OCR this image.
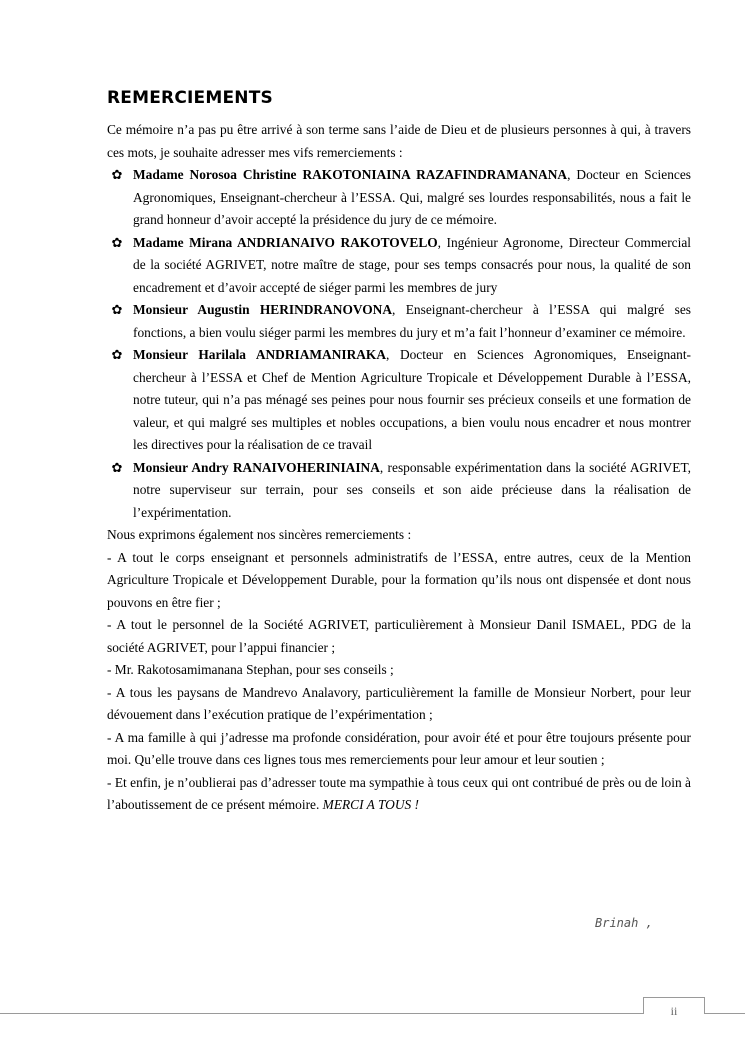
REMERCIEMENTS

Ce mémoire n’a pas pu être arrivé à son terme sans l’aide de Dieu et de plusieurs personnes à qui, à travers ces mots, je souhaite adresser mes vifs remerciements :

✿ Madame Norosoa Christine RAKOTONIAINA RAZAFINDRAMANANA, Docteur en Sciences Agronomiques, Enseignant-chercheur à l’ESSA. Qui, malgré ses lourdes responsabilités, nous a fait le grand honneur d’avoir accepté la présidence du jury de ce mémoire.

✿ Madame Mirana ANDRIANAIVO RAKOTOVELO, Ingénieur Agronome, Directeur Commercial de la société AGRIVET, notre maître de stage, pour ses temps consacrés pour nous, la qualité de son encadrement et d’avoir accepté de siéger parmi les membres de jury

✿ Monsieur Augustin HERINDRANOVONA, Enseignant-chercheur à l’ESSA qui malgré ses fonctions, a bien voulu siéger parmi les membres du jury et m’a fait l’honneur d’examiner ce mémoire.

✿ Monsieur Harilala ANDRIAMANIRAKA, Docteur en Sciences Agronomiques, Enseignant-chercheur à l’ESSA et Chef de Mention Agriculture Tropicale et Développement Durable à l’ESSA, notre tuteur, qui n’a pas ménagé ses peines pour nous fournir ses précieux conseils et une formation de valeur, et qui malgré ses multiples et nobles occupations, a bien voulu nous encadrer et nous montrer les directives pour la réalisation de ce travail

✿ Monsieur Andry RANAIVOHERINIAINA, responsable expérimentation dans la société AGRIVET, notre superviseur sur terrain, pour ses conseils et son aide précieuse dans la réalisation de l’expérimentation.

Nous exprimons également nos sincères remerciements :

- A tout le corps enseignant et personnels administratifs de l’ESSA, entre autres, ceux de la Mention Agriculture Tropicale et Développement Durable, pour la formation qu’ils nous ont dispensée et dont nous pouvons en être fier ;

- A tout le personnel de la Société AGRIVET, particulièrement à Monsieur Danil ISMAEL, PDG de la société AGRIVET, pour l’appui financier ;

- Mr. Rakotosamimanana Stephan, pour ses conseils ;

- A tous les paysans de Mandrevo Analavory, particulièrement la famille de Monsieur Norbert, pour leur dévouement dans l’exécution pratique de l’expérimentation ;

- A ma famille à qui j’adresse ma profonde considération, pour avoir été et pour être toujours présente pour moi. Qu’elle trouve dans ces lignes tous mes remerciements pour leur amour et leur soutien ;

- Et enfin, je n’oublierai pas d’adresser toute ma sympathie à tous ceux qui ont contribué de près ou de loin à l’aboutissement de ce présent mémoire. MERCI A TOUS !

Brinah ,
ii
